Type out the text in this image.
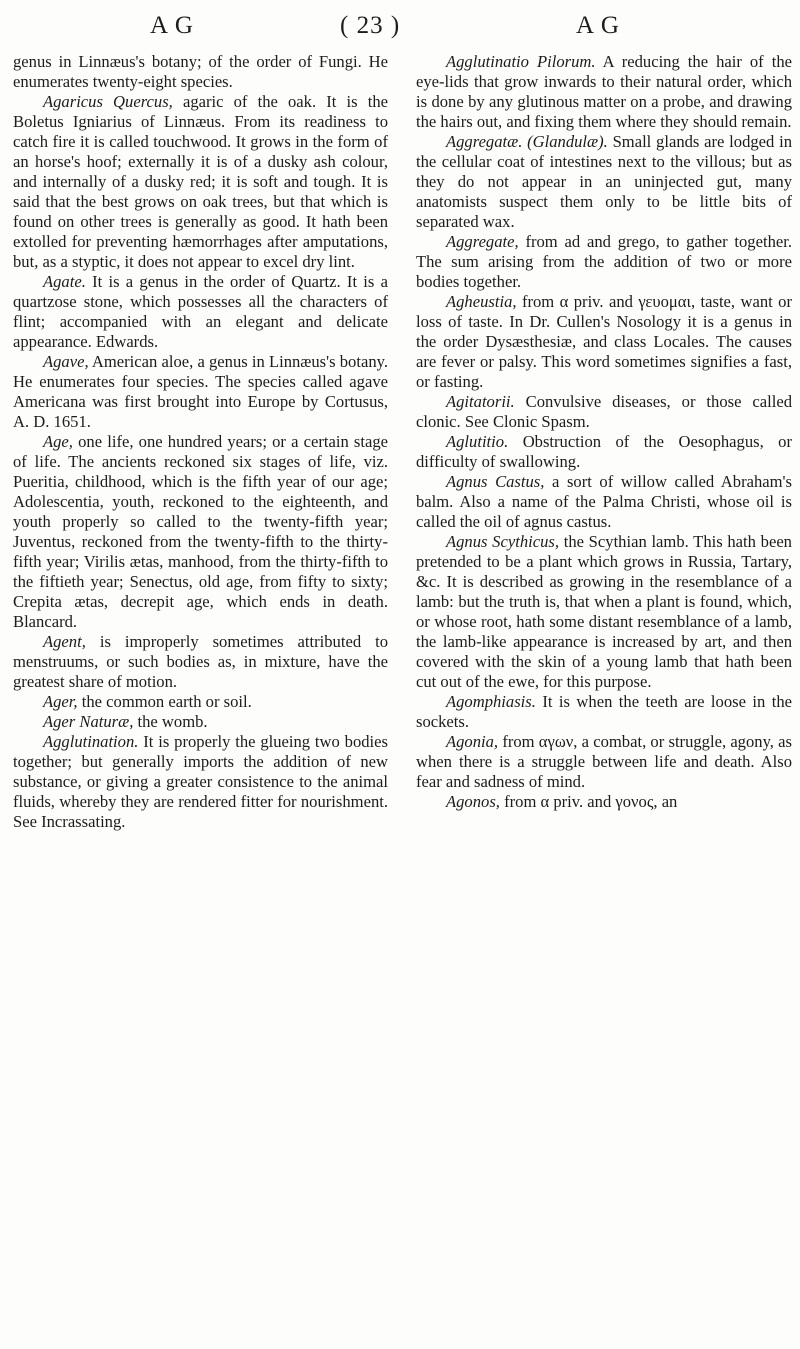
A G	( 23 )	A G

genus in Linnæus's botany; of the order of Fungi. He enumerates twenty-eight species.

Agaricus Quercus, agaric of the oak. It is the Boletus Igniarius of Linnæus. From its readiness to catch fire it is called touchwood. It grows in the form of an horse's hoof; externally it is of a dusky ash colour, and internally of a dusky red; it is soft and tough. It is said that the best grows on oak trees, but that which is found on other trees is generally as good. It hath been extolled for preventing hæmorrhages after amputations, but, as a styptic, it does not appear to excel dry lint.

Agate. It is a genus in the order of Quartz. It is a quartzose stone, which possesses all the characters of flint; accompanied with an elegant and delicate appearance. Edwards.

Agave, American aloe, a genus in Linnæus's botany. He enumerates four species. The species called agave Americana was first brought into Europe by Cortusus, A. D. 1651.

Age, one life, one hundred years; or a certain stage of life. The ancients reckoned six stages of life, viz. Pueritia, childhood, which is the fifth year of our age; Adolescentia, youth, reckoned to the eighteenth, and youth properly so called to the twenty-fifth year; Juventus, reckoned from the twenty-fifth to the thirty-fifth year; Virilis ætas, manhood, from the thirty-fifth to the fiftieth year; Senectus, old age, from fifty to sixty; Crepita ætas, decrepit age, which ends in death. Blancard.

Agent, is improperly sometimes attributed to menstruums, or such bodies as, in mixture, have the greatest share of motion.

Ager, the common earth or soil.

Ager Naturæ, the womb.

Agglutination. It is properly the glueing two bodies together; but generally imports the addition of new substance, or giving a greater consistence to the animal fluids, whereby they are rendered fitter for nourishment. See Incrassating.

Agglutinatio Pilorum. A reducing the hair of the eye-lids that grow inwards to their natural order, which is done by any glutinous matter on a probe, and drawing the hairs out, and fixing them where they should remain.

Aggregatæ. (Glandulæ). Small glands are lodged in the cellular coat of intestines next to the villous; but as they do not appear in an uninjected gut, many anatomists suspect them only to be little bits of separated wax.

Aggregate, from ad and grego, to gather together. The sum arising from the addition of two or more bodies together.

Agheustia, from α priv. and γευομαι, taste, want or loss of taste. In Dr. Cullen's Nosology it is a genus in the order Dysæsthesiæ, and class Locales. The causes are fever or palsy. This word sometimes signifies a fast, or fasting.

Agitatorii. Convulsive diseases, or those called clonic. See Clonic Spasm.

Aglutitio. Obstruction of the Oesophagus, or difficulty of swallowing.

Agnus Castus, a sort of willow called Abraham's balm. Also a name of the Palma Christi, whose oil is called the oil of agnus castus.

Agnus Scythicus, the Scythian lamb. This hath been pretended to be a plant which grows in Russia, Tartary, &c. It is described as growing in the resemblance of a lamb: but the truth is, that when a plant is found, which, or whose root, hath some distant resemblance of a lamb, the lamb-like appearance is increased by art, and then covered with the skin of a young lamb that hath been cut out of the ewe, for this purpose.

Agomphiasis. It is when the teeth are loose in the sockets.

Agonia, from αγων, a combat, or struggle, agony, as when there is a struggle between life and death. Also fear and sadness of mind.

Agonos, from α priv. and γονος, an
